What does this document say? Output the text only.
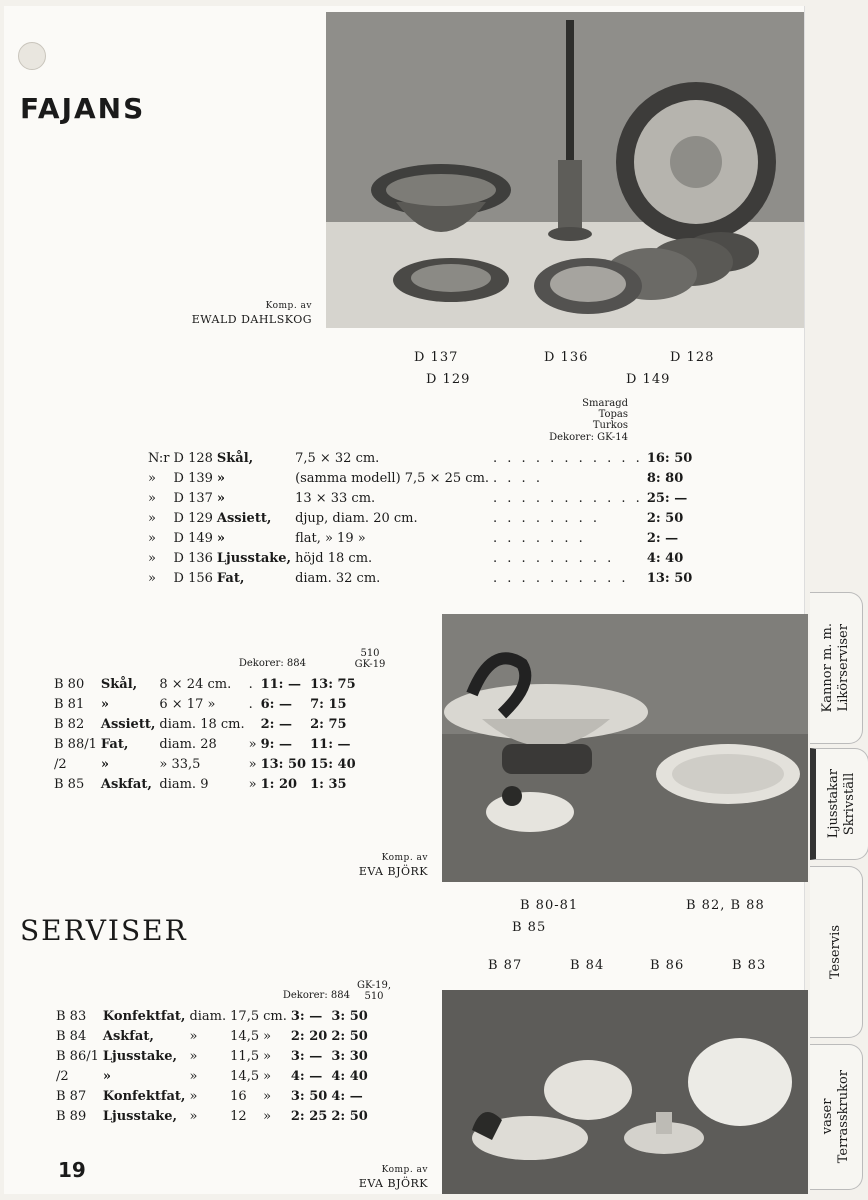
FAJANS
Komp. av
EWALD DAHLSKOG
D 137	D 136	D 128
D 129	D 149
Smaragd
Topas
Turkos
Dekorer: GK-14
N:r	D 128	Skål,	7,5 × 32 cm.	. . . . . . . . . . .	16: 50
»	D 139	»	(samma modell) 7,5 × 25 cm.	. . . .	8: 80
»	D 137	»	13 × 33 cm.	. . . . . . . . . . .	25: —
»	D 129	Assiett,	djup, diam. 20 cm.	. . . . . . . .	2: 50
»	D 149	»	flat, » 19 »	. . . . . . .	2: —
»	D 136	Ljusstake,	höjd 18 cm.	. . . . . . . . .	4: 40
»	D 156	Fat,	diam. 32 cm.	. . . . . . . . . .	13: 50
Dekorer: 884
510
GK-19
B 80	Skål,	8 × 24 cm.	.	11: —	13: 75
B 81	»	6 × 17 »	.	6: —	7: 15
B 82	Assiett,	diam. 18 cm.		2: —	2: 75
B 88/1	Fat,	diam. 28	»	9: —	11: —
/2	»	» 33,5	»	13: 50	15: 40
B 85	Askfat,	diam. 9	»	1: 20	1: 35
Komp. av
EVA BJÖRK
B 80-81	B 82, B 88
B 85
SERVISER
B 87	B 84	B 86	B 83
Dekorer: 884
GK-19,
510
B 83	Konfektfat,	diam.	17,5	cm.	3: —	3: 50
B 84	Askfat,	»	14,5	»	2: 20	2: 50
B 86/1	Ljusstake,	»	11,5	»	3: —	3: 30
/2	»	»	14,5	»	4: —	4: 40
B 87	Konfektfat,	»	16	»	3: 50	4: —
B 89	Ljusstake,	»	12	»	2: 25	2: 50
Komp. av
EVA BJÖRK
19
Kannor m. m. Likörserviser
Ljusstakar Skrivställ
Teservis
vaser Terrasskrukor
